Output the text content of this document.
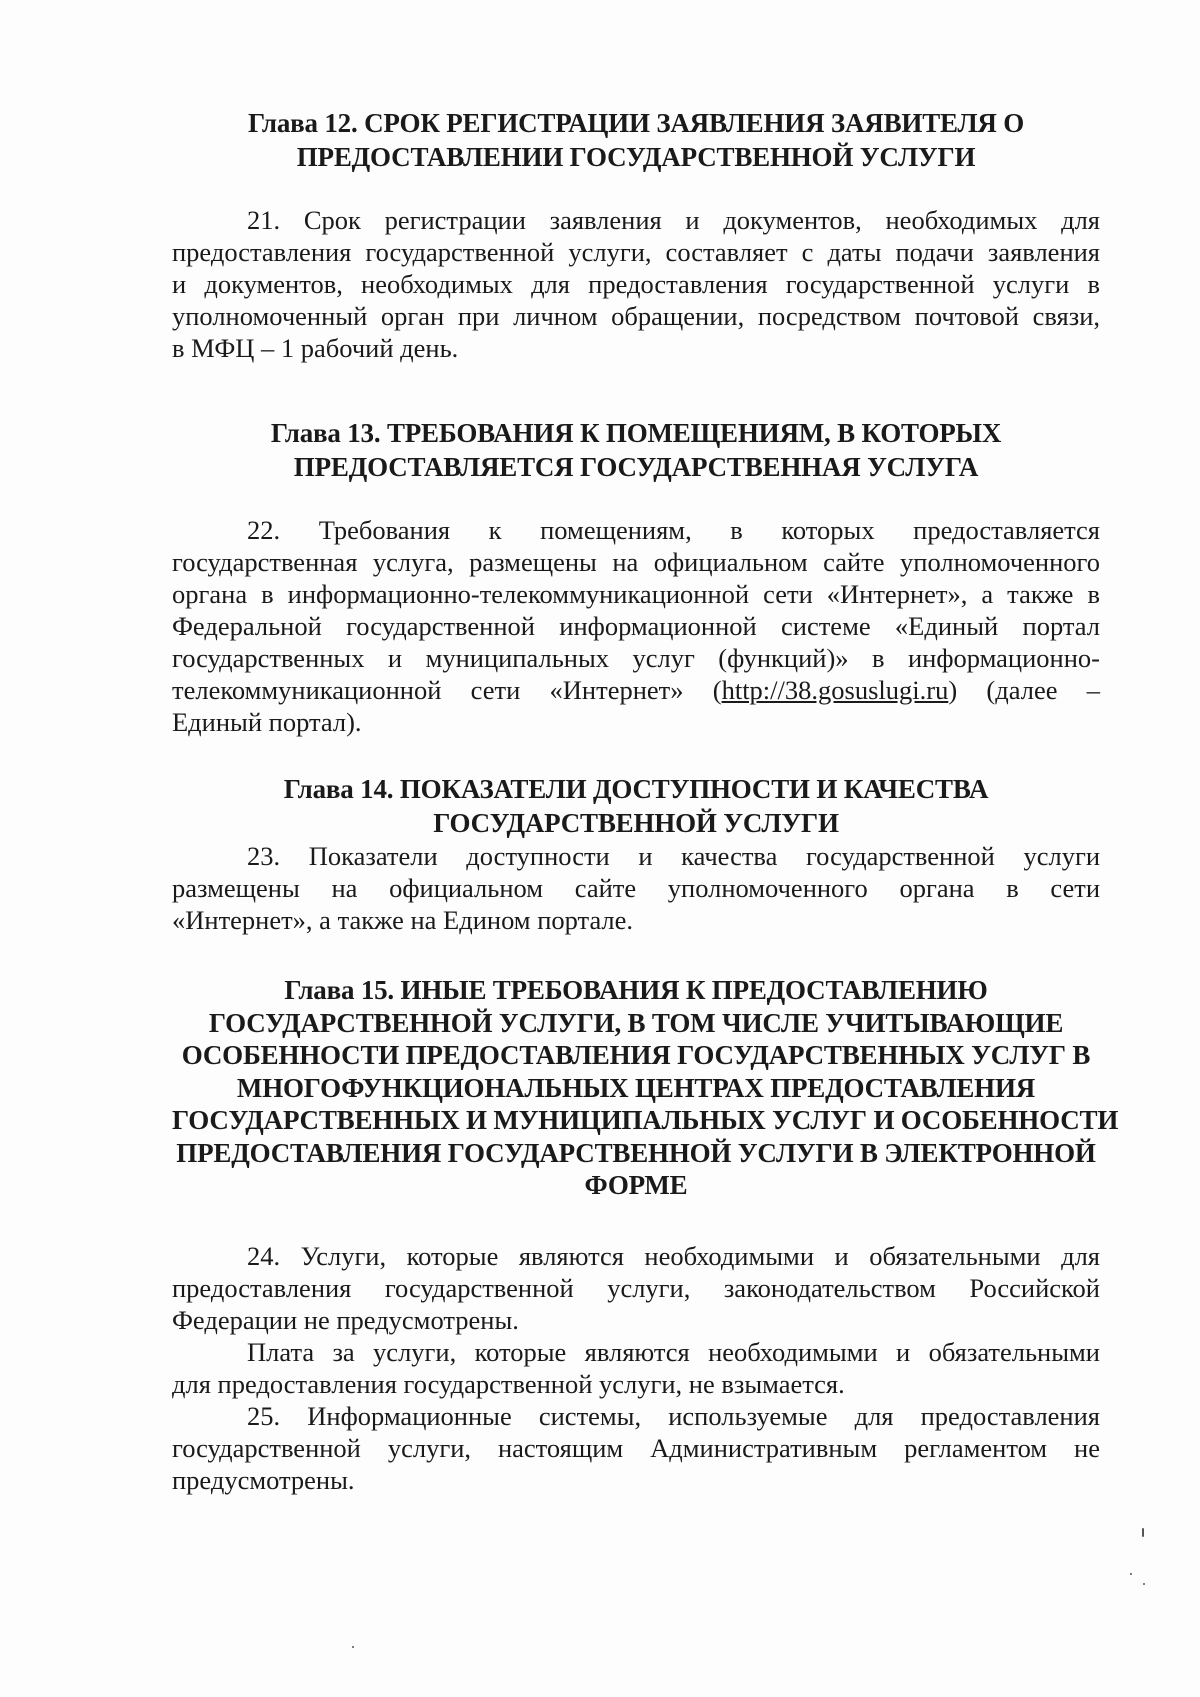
Глава 12. СРОК РЕГИСТРАЦИИ ЗАЯВЛЕНИЯ ЗАЯВИТЕЛЯ О
ПРЕДОСТАВЛЕНИИ ГОСУДАРСТВЕННОЙ УСЛУГИ

21. Срок регистрации заявления и документов, необходимых для
предоставления государственной услуги, составляет с даты подачи заявления
и документов, необходимых для предоставления государственной услуги в
уполномоченный орган при личном обращении, посредством почтовой связи,
в МФЦ – 1 рабочий день.

Глава 13. ТРЕБОВАНИЯ К ПОМЕЩЕНИЯМ, В КОТОРЫХ
ПРЕДОСТАВЛЯЕТСЯ ГОСУДАРСТВЕННАЯ УСЛУГА

22. Требования к помещениям, в которых предоставляется
государственная услуга, размещены на официальном сайте уполномоченного
органа в информационно-телекоммуникационной сети «Интернет», а также в
Федеральной государственной информационной системе «Единый портал
государственных и муниципальных услуг (функций)» в информационно-
телекоммуникационной сети «Интернет» (http://38.gosuslugi.ru) (далее –
Единый портал).

Глава 14. ПОКАЗАТЕЛИ ДОСТУПНОСТИ И КАЧЕСТВА
ГОСУДАРСТВЕННОЙ УСЛУГИ

23. Показатели доступности и качества государственной услуги
размещены на официальном сайте уполномоченного органа в сети
«Интернет», а также на Едином портале.

Глава 15. ИНЫЕ ТРЕБОВАНИЯ К ПРЕДОСТАВЛЕНИЮ
ГОСУДАРСТВЕННОЙ УСЛУГИ, В ТОМ ЧИСЛЕ УЧИТЫВАЮЩИЕ
ОСОБЕННОСТИ ПРЕДОСТАВЛЕНИЯ ГОСУДАРСТВЕННЫХ УСЛУГ В
МНОГОФУНКЦИОНАЛЬНЫХ ЦЕНТРАХ ПРЕДОСТАВЛЕНИЯ
ГОСУДАРСТВЕННЫХ И МУНИЦИПАЛЬНЫХ УСЛУГ И ОСОБЕННОСТИ
ПРЕДОСТАВЛЕНИЯ ГОСУДАРСТВЕННОЙ УСЛУГИ В ЭЛЕКТРОННОЙ
ФОРМЕ

24. Услуги, которые являются необходимыми и обязательными для
предоставления государственной услуги, законодательством Российской
Федерации не предусмотрены.

Плата за услуги, которые являются необходимыми и обязательными
для предоставления государственной услуги, не взымается.

25. Информационные системы, используемые для предоставления
государственной услуги, настоящим Административным регламентом не
предусмотрены.
